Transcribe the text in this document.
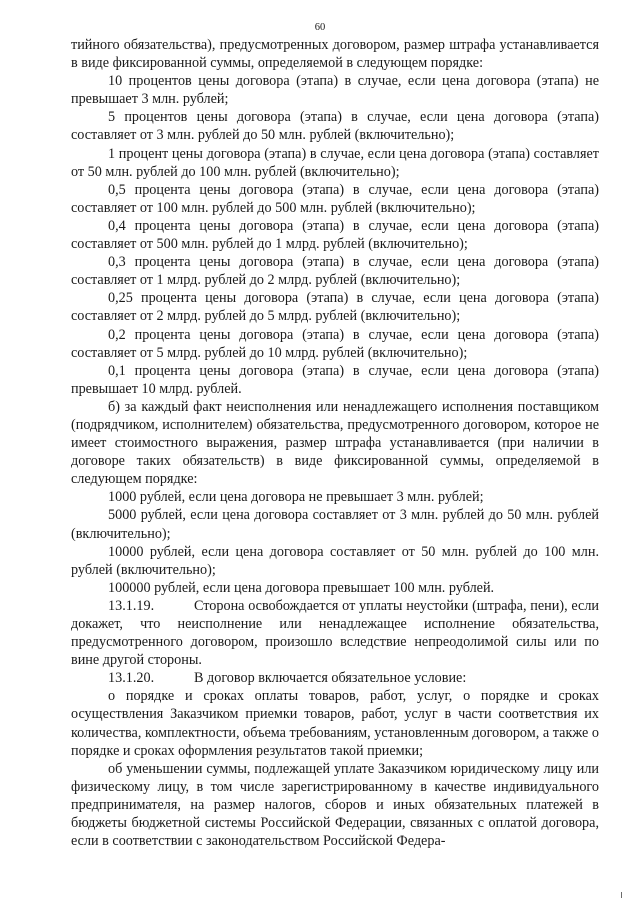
60

тийного обязательства), предусмотренных договором, размер штрафа устанавливается в виде фиксированной суммы, определяемой в следующем порядке:

10 процентов цены договора (этапа) в случае, если цена договора (этапа) не превышает 3 млн. рублей;

5 процентов цены договора (этапа) в случае, если цена договора (этапа) составляет от 3 млн. рублей до 50 млн. рублей (включительно);

1 процент цены договора (этапа) в случае, если цена договора (этапа) составляет от 50 млн. рублей до 100 млн. рублей (включительно);

0,5 процента цены договора (этапа) в случае, если цена договора (этапа) составляет от 100 млн. рублей до 500 млн. рублей (включительно);

0,4 процента цены договора (этапа) в случае, если цена договора (этапа) составляет от 500 млн. рублей до 1 млрд. рублей (включительно);

0,3 процента цены договора (этапа) в случае, если цена договора (этапа) составляет от 1 млрд. рублей до 2 млрд. рублей (включительно);

0,25 процента цены договора (этапа) в случае, если цена договора (этапа) составляет от 2 млрд. рублей до 5 млрд. рублей (включительно);

0,2 процента цены договора (этапа) в случае, если цена договора (этапа) составляет от 5 млрд. рублей до 10 млрд. рублей (включительно);

0,1 процента цены договора (этапа) в случае, если цена договора (этапа) превышает 10 млрд. рублей.

б) за каждый факт неисполнения или ненадлежащего исполнения поставщиком (подрядчиком, исполнителем) обязательства, предусмотренного договором, которое не имеет стоимостного выражения, размер штрафа устанавливается (при наличии в договоре таких обязательств) в виде фиксированной суммы, определяемой в следующем порядке:

1000 рублей, если цена договора не превышает 3 млн. рублей;

5000 рублей, если цена договора составляет от 3 млн. рублей до 50 млн. рублей (включительно);

10000 рублей, если цена договора составляет от 50 млн. рублей до 100 млн. рублей (включительно);

100000 рублей, если цена договора превышает 100 млн. рублей.

13.1.19.	Сторона освобождается от уплаты неустойки (штрафа, пени), если докажет, что неисполнение или ненадлежащее исполнение обязательства, предусмотренного договором, произошло вследствие непреодолимой силы или по вине другой стороны.

13.1.20.	В договор включается обязательное условие:

о порядке и сроках оплаты товаров, работ, услуг, о порядке и сроках осуществления Заказчиком приемки товаров, работ, услуг в части соответствия их количества, комплектности, объема требованиям, установленным договором, а также о порядке и сроках оформления результатов такой приемки;

об уменьшении суммы, подлежащей уплате Заказчиком юридическому лицу или физическому лицу, в том числе зарегистрированному в качестве индивидуального предпринимателя, на размер налогов, сборов и иных обязательных платежей в бюджеты бюджетной системы Российской Федерации, связанных с оплатой договора, если в соответствии с законодательством Российской Федера-
